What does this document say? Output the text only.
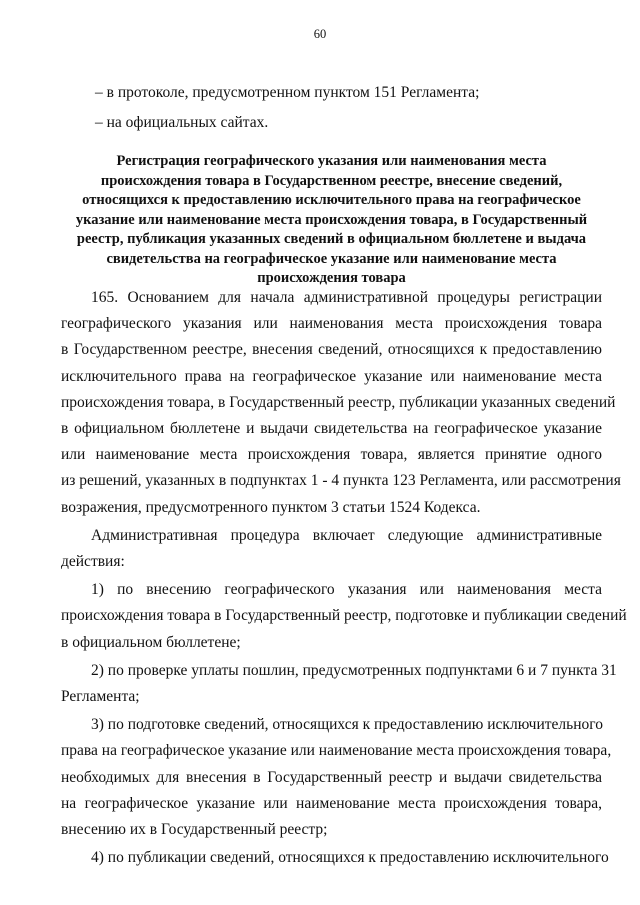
60
– в протоколе, предусмотренном пунктом 151 Регламента;
– на официальных сайтах.
Регистрация географического указания или наименования места
происхождения товара в Государственном реестре, внесение сведений,
относящихся к предоставлению исключительного права на географическое
указание или наименование места происхождения товара, в Государственный
реестр, публикация указанных сведений в официальном бюллетене и выдача
свидетельства на географическое указание или наименование места
происхождения товара
165. Основанием для начала административной процедуры регистрации
географического указания или наименования места происхождения товара
в Государственном реестре, внесения сведений, относящихся к предоставлению
исключительного права на географическое указание или наименование места
происхождения товара, в Государственный реестр, публикации указанных сведений
в официальном бюллетене и выдачи свидетельства на географическое указание
или наименование места происхождения товара, является принятие одного
из решений, указанных в подпунктах 1 - 4 пункта 123 Регламента, или рассмотрения
возражения, предусмотренного пунктом 3 статьи 1524 Кодекса.
Административная процедура включает следующие административные
действия:
1) по внесению географического указания или наименования места
происхождения товара в Государственный реестр, подготовке и публикации сведений
в официальном бюллетене;
2) по проверке уплаты пошлин, предусмотренных подпунктами 6 и 7 пункта 31
Регламента;
3) по подготовке сведений, относящихся к предоставлению исключительного
права на географическое указание или наименование места происхождения товара,
необходимых для внесения в Государственный реестр и выдачи свидетельства
на географическое указание или наименование места происхождения товара,
внесению их в Государственный реестр;
4) по публикации сведений, относящихся к предоставлению исключительного
